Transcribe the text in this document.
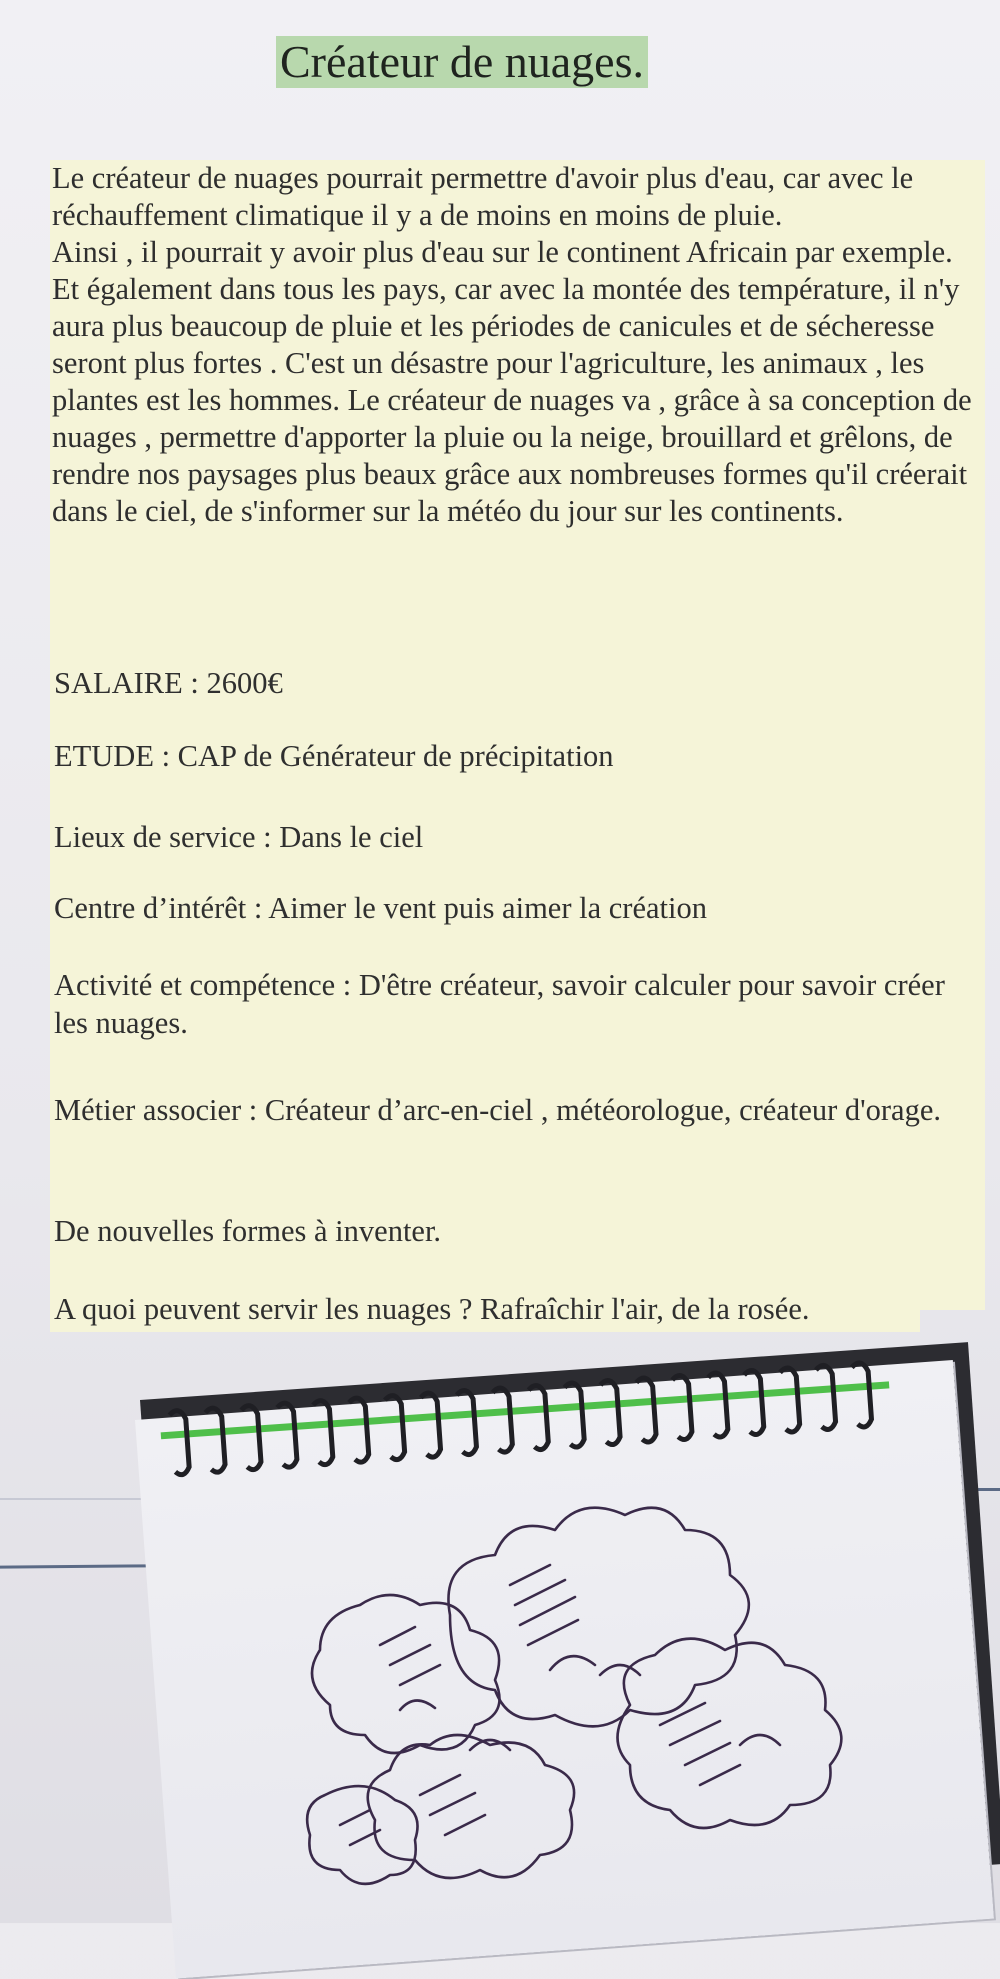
Créateur de nuages.

Le créateur de nuages pourrait permettre d'avoir plus d'eau, car avec le réchauffement climatique il y a de moins en moins de pluie.

Ainsi , il pourrait y avoir plus d'eau sur le continent Africain par exemple. Et également dans tous les pays, car avec la montée des température, il n'y aura plus beaucoup de pluie et les périodes de canicules et de sécheresse seront plus fortes . C'est un désastre pour l'agriculture, les animaux , les plantes est les hommes. Le créateur de nuages va , grâce à sa conception de nuages , permettre d'apporter la pluie ou la neige, brouillard et grêlons, de rendre nos paysages plus beaux grâce aux nombreuses formes qu'il créerait dans le ciel, de s'informer sur la météo du jour sur les continents.

SALAIRE : 2600€
ETUDE : CAP de Générateur de précipitation
Lieux de service : Dans le ciel
Centre d’intérêt : Aimer le vent puis aimer la création
Activité et compétence : D'être créateur, savoir calculer pour savoir créer les nuages.
Métier associer : Créateur d’arc-en-ciel , météorologue, créateur d'orage.
De nouvelles formes à inventer.
A quoi peuvent servir les nuages ? Rafraîchir l'air, de la rosée.
